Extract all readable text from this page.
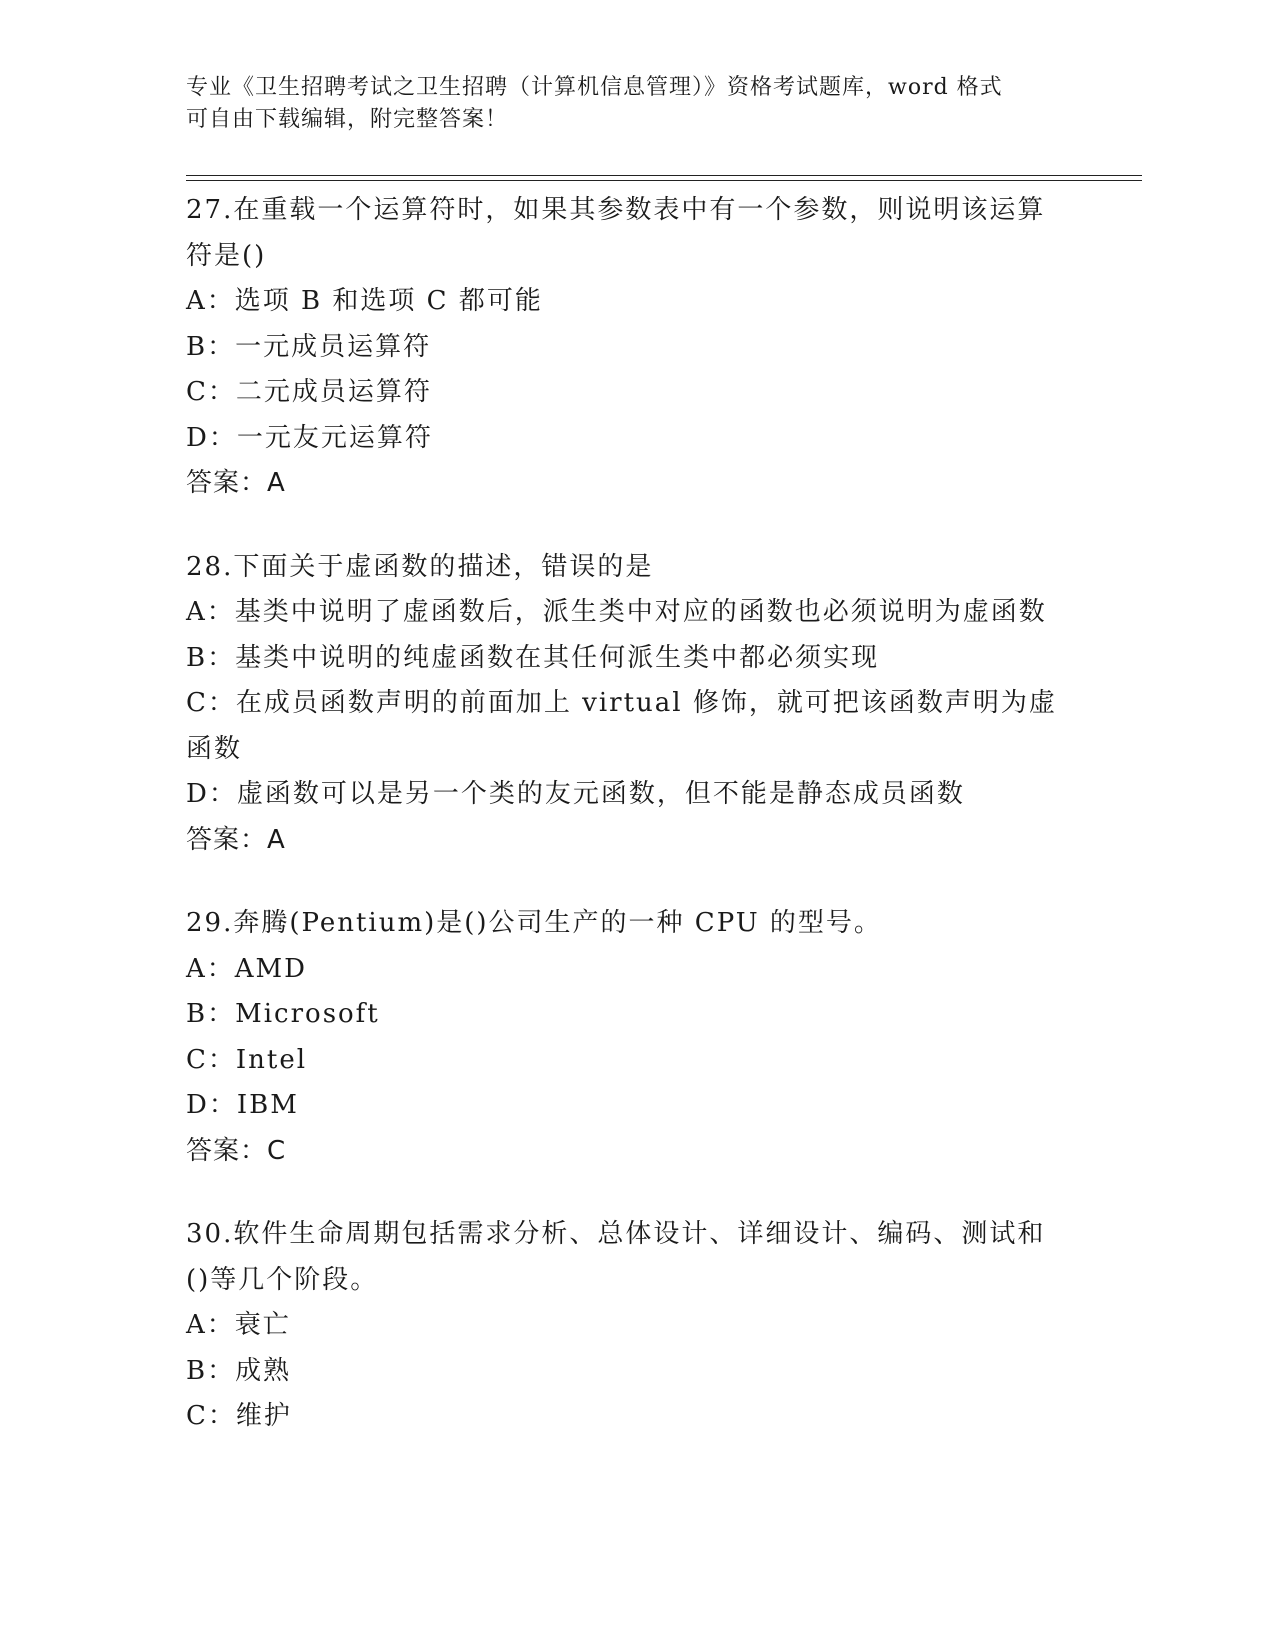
专业《卫生招聘考试之卫生招聘（计算机信息管理）》资格考试题库，word 格式
可自由下载编辑，附完整答案！
27.在重载一个运算符时，如果其参数表中有一个参数，则说明该运算符是()
A：选项 B 和选项 C 都可能
B：一元成员运算符
C：二元成员运算符
D：一元友元运算符
答案：A
28.下面关于虚函数的描述，错误的是
A：基类中说明了虚函数后，派生类中对应的函数也必须说明为虚函数
B：基类中说明的纯虚函数在其任何派生类中都必须实现
C：在成员函数声明的前面加上 virtual 修饰，就可把该函数声明为虚函数
D：虚函数可以是另一个类的友元函数，但不能是静态成员函数
答案：A
29.奔腾(Pentium)是()公司生产的一种 CPU 的型号。
A：AMD
B：Microsoft
C：Intel
D：IBM
答案：C
30.软件生命周期包括需求分析、总体设计、详细设计、编码、测试和()等几个阶段。
A：衰亡
B：成熟
C：维护
